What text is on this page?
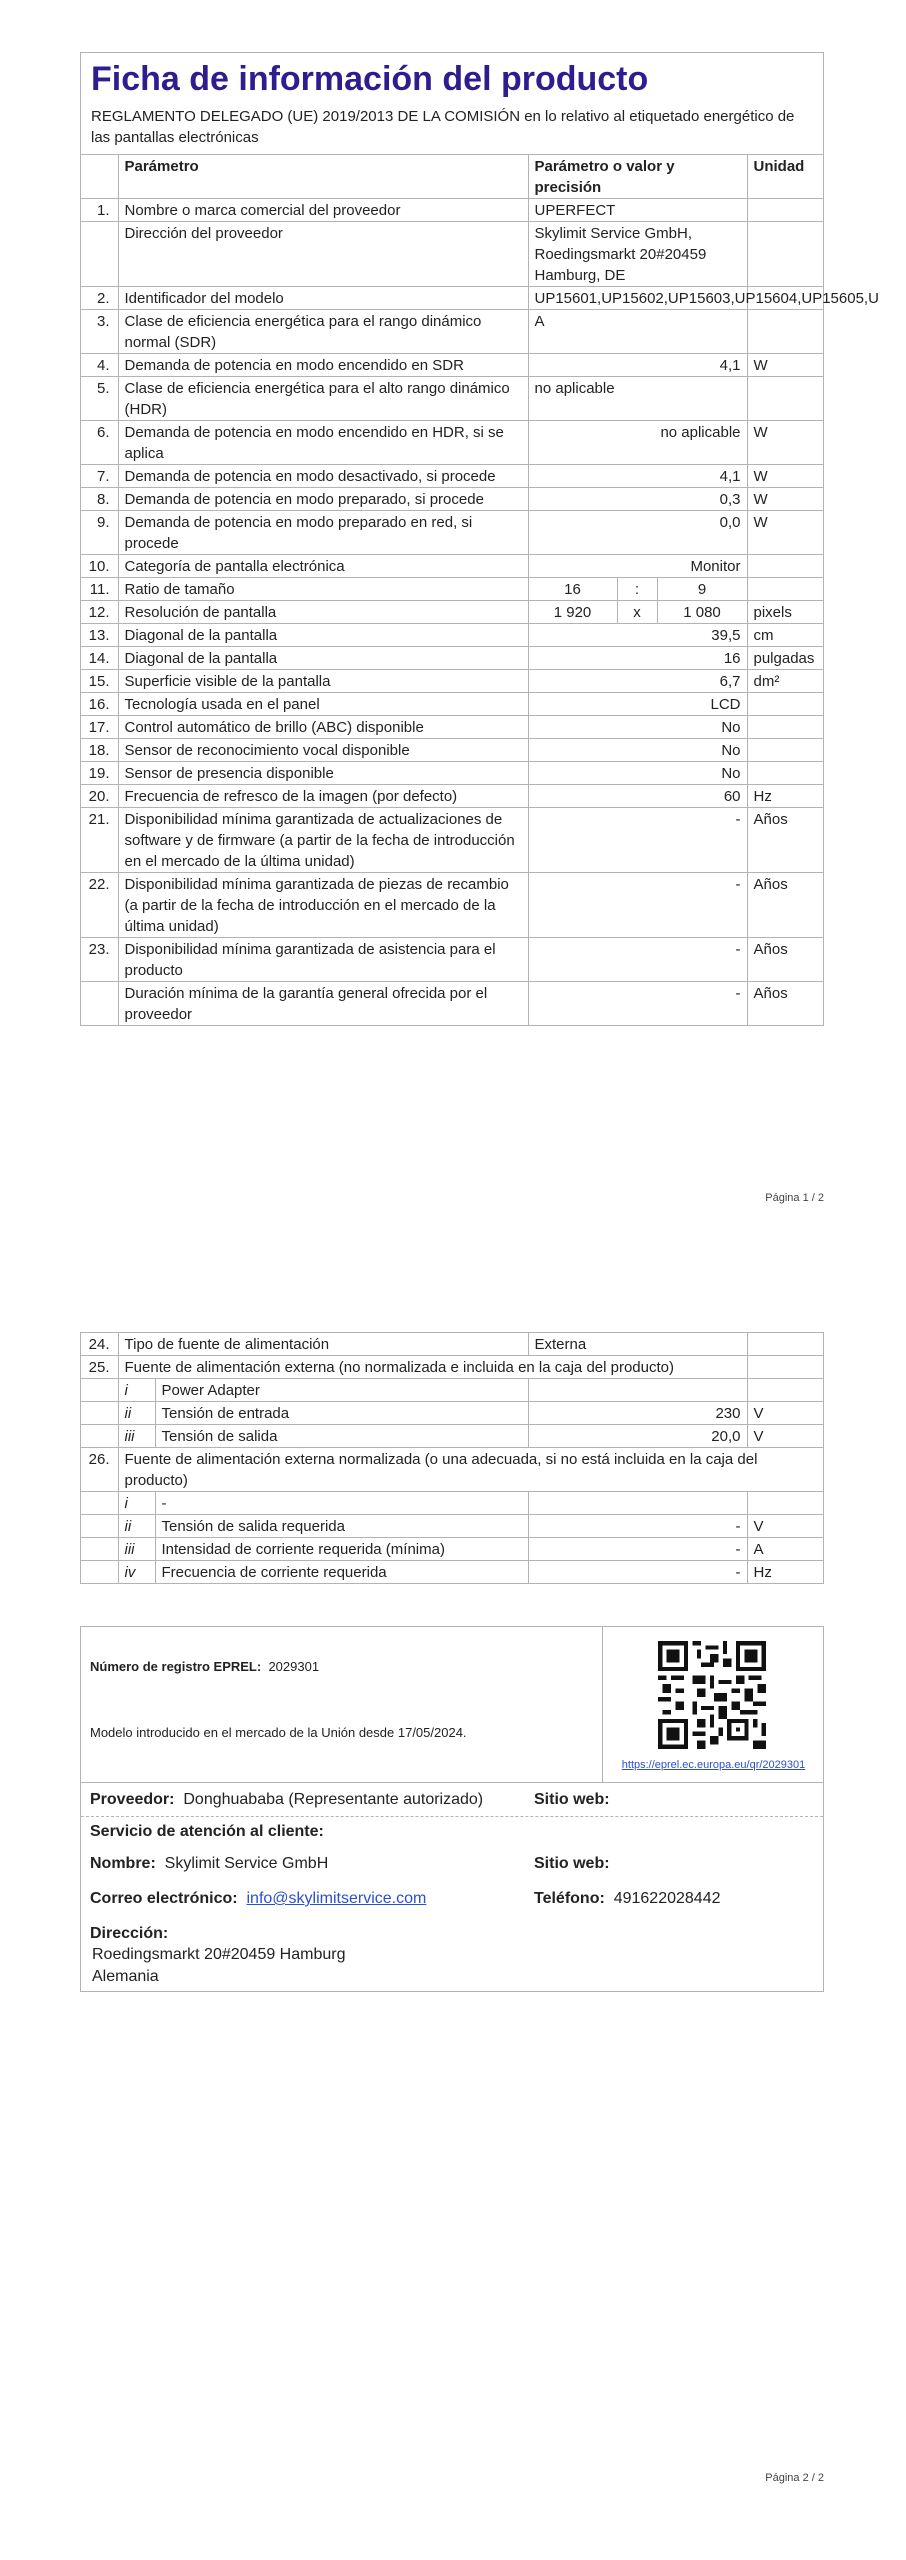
Ficha de información del producto
REGLAMENTO DELEGADO (UE) 2019/2013 DE LA COMISIÓN en lo relativo al etiquetado energético de las pantallas electrónicas
	Parámetro	Parámetro o valor y precisión			Unidad
1.	Nombre o marca comercial del proveedor	UPERFECT			
	Dirección del proveedor	Skylimit Service GmbH, Roedingsmarkt 20#20459 Hamburg, DE			
2.	Identificador del modelo	UP15601,UP15602,UP15603,UP15604,UP15605,U			
3.	Clase de eficiencia energética para el rango dinámico normal (SDR)	A			
4.	Demanda de potencia en modo encendido en SDR	4,1			W
5.	Clase de eficiencia energética para el alto rango dinámico (HDR)	no aplicable			
6.	Demanda de potencia en modo encendido en HDR, si se aplica	no aplicable			W
7.	Demanda de potencia en modo desactivado, si procede	4,1			W
8.	Demanda de potencia en modo preparado, si procede	0,3			W
9.	Demanda de potencia en modo preparado en red, si procede	0,0			W
10.	Categoría de pantalla electrónica	Monitor			
11.	Ratio de tamaño	16	:	9	
12.	Resolución de pantalla	1 920	x	1 080	pixels
13.	Diagonal de la pantalla	39,5			cm
14.	Diagonal de la pantalla	16			pulgadas
15.	Superficie visible de la pantalla	6,7			dm²
16.	Tecnología usada en el panel	LCD			
17.	Control automático de brillo (ABC) disponible	No			
18.	Sensor de reconocimiento vocal disponible	No			
19.	Sensor de presencia disponible	No			
20.	Frecuencia de refresco de la imagen (por defecto)	60			Hz
21.	Disponibilidad mínima garantizada de actualizaciones de software y de firmware (a partir de la fecha de introducción en el mercado de la última unidad)	-			Años
22.	Disponibilidad mínima garantizada de piezas de recambio (a partir de la fecha de introducción en el mercado de la última unidad)	-			Años
23.	Disponibilidad mínima garantizada de asistencia para el producto	-			Años
	Duración mínima de la garantía general ofrecida por el proveedor	-			Años
Página 1 / 2
24.	Tipo de fuente de alimentación		Externa	
25.	Fuente de alimentación externa (no normalizada e incluida en la caja del producto)			
	i	Power Adapter		
	ii	Tensión de entrada	230	V
	iii	Tensión de salida	20,0	V
26.	Fuente de alimentación externa normalizada (o una adecuada, si no está incluida en la caja del producto)			
	i	-		
	ii	Tensión de salida requerida	-	V
	iii	Intensidad de corriente requerida (mínima)	-	A
	iv	Frecuencia de corriente requerida	-	Hz
Número de registro EPREL: 2029301
Modelo introducido en el mercado de la Unión desde 17/05/2024.
https://eprel.ec.europa.eu/qr/2029301
Proveedor: Donghuababa (Representante autorizado)	Sitio web:
Servicio de atención al cliente:
Nombre: Skylimit Service GmbH	Sitio web:
Correo electrónico: info@skylimitservice.com	Teléfono: 491622028442
Dirección:
Roedingsmarkt 20#20459 Hamburg
Alemania
Página 2 / 2
